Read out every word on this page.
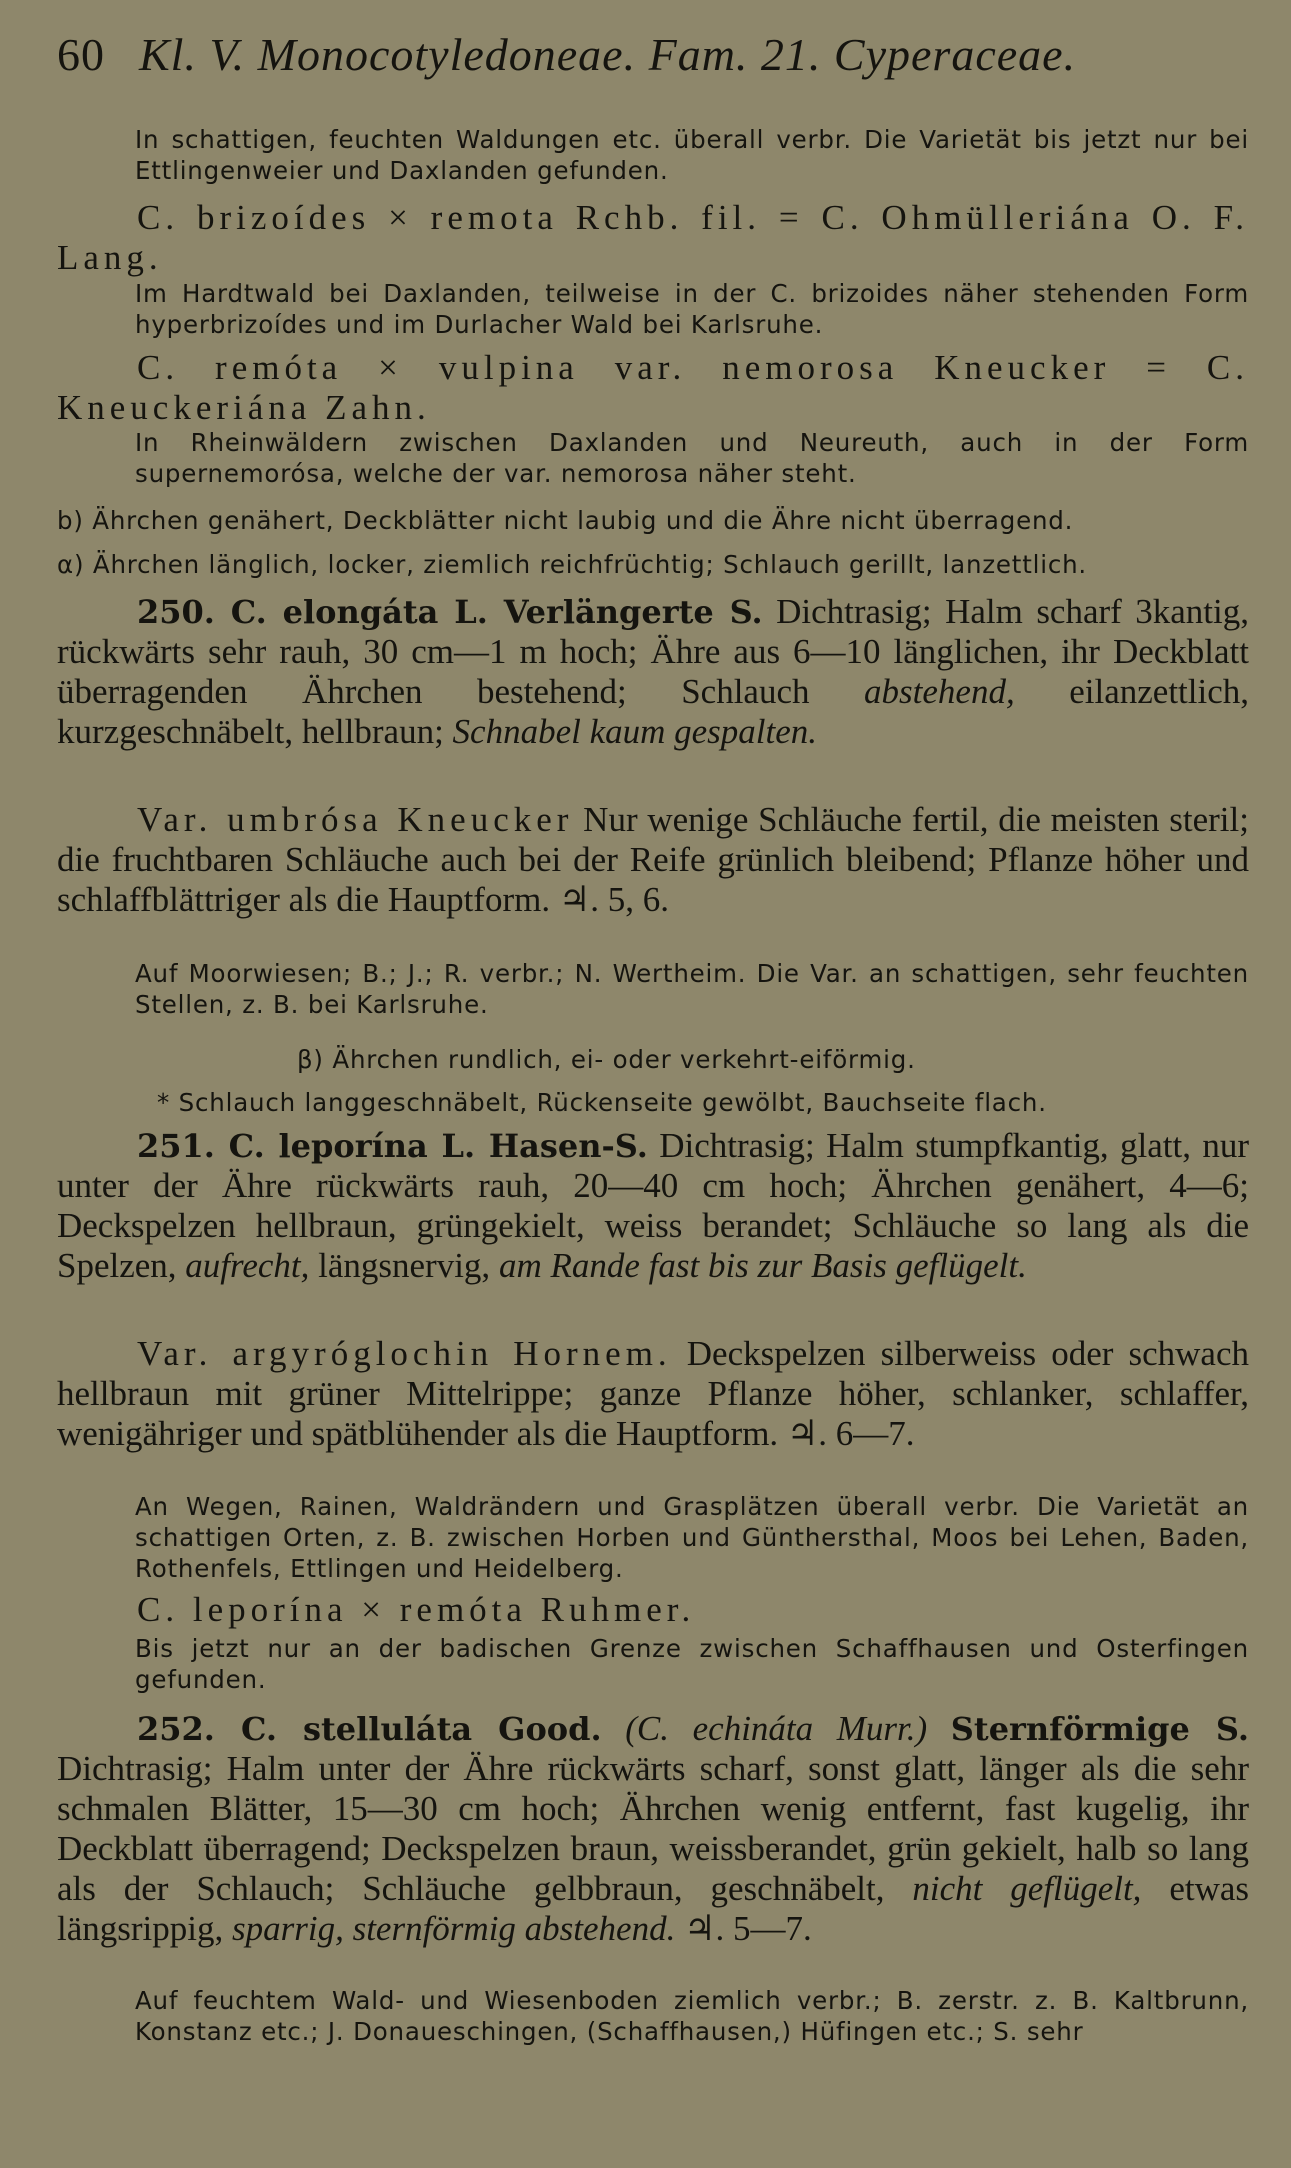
60 Kl. V. Monocotyledoneae. Fam. 21. Cyperaceae.
In schattigen, feuchten Waldungen etc. überall verbr. Die Varietät bis jetzt nur bei Ettlingenweier und Daxlanden gefunden.
C. brizoídes × remota Rchb. fil. = C. Ohmülleriána O. F. Lang.
Im Hardtwald bei Daxlanden, teilweise in der C. brizoides näher stehenden Form hyperbrizoídes und im Durlacher Wald bei Karlsruhe.
C. remóta × vulpina var. nemorosa Kneucker = C. Kneuckeriána Zahn.
In Rheinwäldern zwischen Daxlanden und Neureuth, auch in der Form supernemorósa, welche der var. nemorosa näher steht.
b) Ährchen genähert, Deckblätter nicht laubig und die Ähre nicht überragend.
α) Ährchen länglich, locker, ziemlich reichfrüchtig; Schlauch gerillt, lanzettlich.
250. C. elongáta L. Verlängerte S. Dichtrasig; Halm scharf 3kantig, rückwärts sehr rauh, 30 cm—1 m hoch; Ähre aus 6—10 länglichen, ihr Deckblatt überragenden Ährchen bestehend; Schlauch abstehend, eilanzettlich, kurzgeschnäbelt, hellbraun; Schnabel kaum gespalten.
Var. umbrósa Kneucker Nur wenige Schläuche fertil, die meisten steril; die fruchtbaren Schläuche auch bei der Reife grünlich bleibend; Pflanze höher und schlaffblättriger als die Hauptform. ♃. 5, 6.
Auf Moorwiesen; B.; J.; R. verbr.; N. Wertheim. Die Var. an schattigen, sehr feuchten Stellen, z. B. bei Karlsruhe.
β) Ährchen rundlich, ei- oder verkehrt-eiförmig.
* Schlauch langgeschnäbelt, Rückenseite gewölbt, Bauchseite flach.
251. C. leporína L. Hasen-S. Dichtrasig; Halm stumpfkantig, glatt, nur unter der Ähre rückwärts rauh, 20—40 cm hoch; Ährchen genähert, 4—6; Deckspelzen hellbraun, grüngekielt, weiss berandet; Schläuche so lang als die Spelzen, aufrecht, längsnervig, am Rande fast bis zur Basis geflügelt.
Var. argyróglochin Hornem. Deckspelzen silberweiss oder schwach hellbraun mit grüner Mittelrippe; ganze Pflanze höher, schlanker, schlaffer, wenigähriger und spätblühender als die Hauptform. ♃. 6—7.
An Wegen, Rainen, Waldrändern und Grasplätzen überall verbr. Die Varietät an schattigen Orten, z. B. zwischen Horben und Günthersthal, Moos bei Lehen, Baden, Rothenfels, Ettlingen und Heidelberg.
C. leporína × remóta Ruhmer.
Bis jetzt nur an der badischen Grenze zwischen Schaffhausen und Osterfingen gefunden.
252. C. stelluláta Good. (C. echináta Murr.) Sternförmige S. Dichtrasig; Halm unter der Ähre rückwärts scharf, sonst glatt, länger als die sehr schmalen Blätter, 15—30 cm hoch; Ährchen wenig entfernt, fast kugelig, ihr Deckblatt überragend; Deckspelzen braun, weissberandet, grün gekielt, halb so lang als der Schlauch; Schläuche gelbbraun, geschnäbelt, nicht geflügelt, etwas längsrippig, sparrig, sternförmig abstehend. ♃. 5—7.
Auf feuchtem Wald- und Wiesenboden ziemlich verbr.; B. zerstr. z. B. Kaltbrunn, Konstanz etc.; J. Donaueschingen, (Schaffhausen,) Hüfingen etc.; S. sehr
